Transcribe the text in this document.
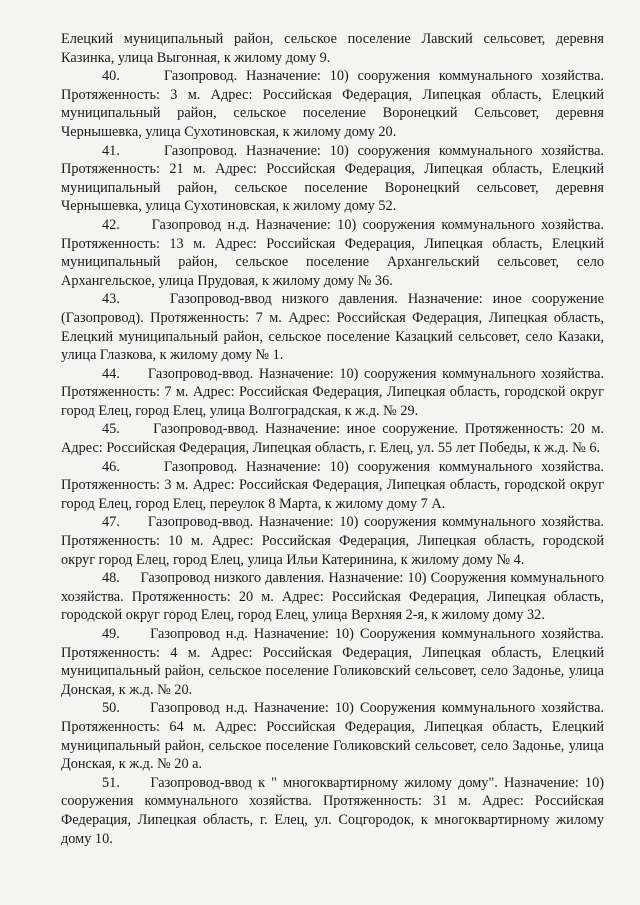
Елецкий муниципальный район, сельское поселение Лавский сельсовет, деревня Казинка, улица Выгонная, к жилому дому 9.

40.	Газопровод. Назначение: 10) сооружения коммунального хозяйства. Протяженность: 3 м. Адрес: Российская Федерация, Липецкая область, Елецкий муниципальный район, сельское поселение Воронецкий Сельсовет, деревня Чернышевка, улица Сухотиновская, к жилому дому 20.

41.	Газопровод. Назначение: 10) сооружения коммунального хозяйства. Протяженность: 21 м. Адрес: Российская Федерация, Липецкая область, Елецкий муниципальный район, сельское поселение Воронецкий сельсовет, деревня Чернышевка, улица Сухотиновская, к жилому дому 52.

42. Газопровод н.д. Назначение: 10) сооружения коммунального хозяйства. Протяженность: 13 м. Адрес: Российская Федерация, Липецкая область, Елецкий муниципальный район, сельское поселение Архангельский сельсовет, село Архангельское, улица Прудовая, к жилому дому № 36.

43.	Газопровод-ввод низкого давления. Назначение: иное сооружение (Газопровод). Протяженность: 7 м. Адрес: Российская Федерация, Липецкая область, Елецкий муниципальный район, сельское поселение Казацкий сельсовет, село Казаки, улица Глазкова, к жилому дому № 1.

44. Газопровод-ввод. Назначение: 10) сооружения коммунального хозяйства. Протяженность: 7 м. Адрес: Российская Федерация, Липецкая область, городской округ город Елец, город Елец, улица Волгоградская, к ж.д. № 29.

45. Газопровод-ввод. Назначение: иное сооружение. Протяженность: 20 м. Адрес: Российская Федерация, Липецкая область, г. Елец, ул. 55 лет Победы, к ж.д. № 6.

46.	Газопровод. Назначение: 10) сооружения коммунального хозяйства. Протяженность: 3 м. Адрес: Российская Федерация, Липецкая область, городской округ город Елец, город Елец, переулок 8 Марта, к жилому дому 7 А.

47. Газопровод-ввод. Назначение: 10) сооружения коммунального хозяйства. Протяженность: 10 м. Адрес: Российская Федерация, Липецкая область, городской округ город Елец, город Елец, улица Ильи Катеринина, к жилому дому № 4.

48. Газопровод низкого давления. Назначение: 10) Сооружения коммунального хозяйства. Протяженность: 20 м. Адрес: Российская Федерация, Липецкая область, городской округ город Елец, город Елец, улица Верхняя 2-я, к жилому дому 32.

49. Газопровод н.д. Назначение: 10) Сооружения коммунального хозяйства. Протяженность: 4 м. Адрес: Российская Федерация, Липецкая область, Елецкий муниципальный район, сельское поселение Голиковский сельсовет, село Задонье, улица Донская, к ж.д. № 20.

50. Газопровод н.д. Назначение: 10) Сооружения коммунального хозяйства. Протяженность: 64 м. Адрес: Российская Федерация, Липецкая область, Елецкий муниципальный район, сельское поселение Голиковский сельсовет, село Задонье, улица Донская, к ж.д. № 20 а.

51. Газопровод-ввод к " многоквартирному жилому дому". Назначение: 10) сооружения коммунального хозяйства. Протяженность: 31 м. Адрес: Российская Федерация, Липецкая область, г. Елец, ул. Соцгородок, к многоквартирному жилому дому 10.
